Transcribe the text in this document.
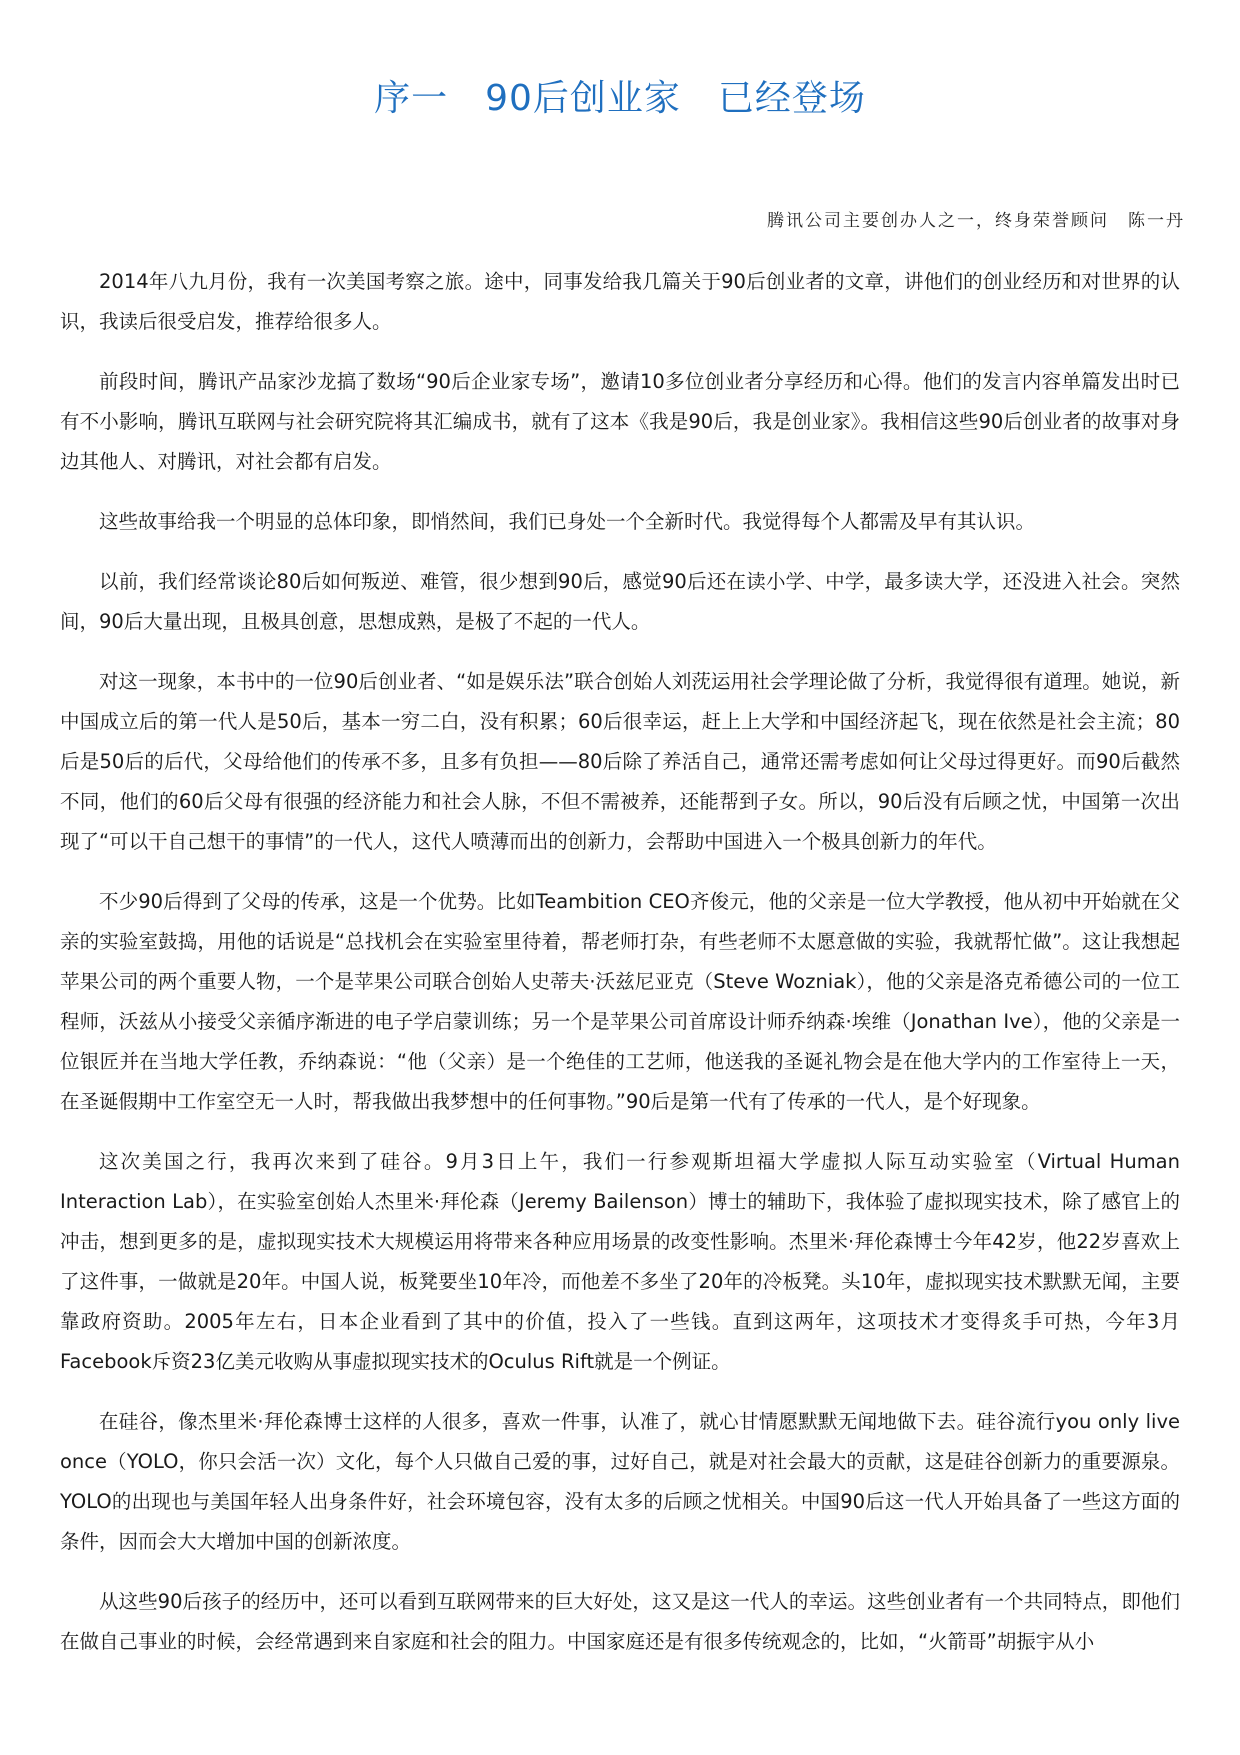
序一　90后创业家　已经登场
腾讯公司主要创办人之一，终身荣誉顾问　陈一丹

2014年八九月份，我有一次美国考察之旅。途中，同事发给我几篇关于90后创业者的文章，讲他们的创业经历和对世界的认识，我读后很受启发，推荐给很多人。

前段时间，腾讯产品家沙龙搞了数场“90后企业家专场”，邀请10多位创业者分享经历和心得。他们的发言内容单篇发出时已有不小影响，腾讯互联网与社会研究院将其汇编成书，就有了这本《我是90后，我是创业家》。我相信这些90后创业者的故事对身边其他人、对腾讯，对社会都有启发。

这些故事给我一个明显的总体印象，即悄然间，我们已身处一个全新时代。我觉得每个人都需及早有其认识。

以前，我们经常谈论80后如何叛逆、难管，很少想到90后，感觉90后还在读小学、中学，最多读大学，还没进入社会。突然间，90后大量出现，且极具创意，思想成熟，是极了不起的一代人。

对这一现象，本书中的一位90后创业者、“如是娱乐法”联合创始人刘莐运用社会学理论做了分析，我觉得很有道理。她说，新中国成立后的第一代人是50后，基本一穷二白，没有积累；60后很幸运，赶上上大学和中国经济起飞，现在依然是社会主流；80后是50后的后代，父母给他们的传承不多，且多有负担——80后除了养活自己，通常还需考虑如何让父母过得更好。而90后截然不同，他们的60后父母有很强的经济能力和社会人脉，不但不需被养，还能帮到子女。所以，90后没有后顾之忧，中国第一次出现了“可以干自己想干的事情”的一代人，这代人喷薄而出的创新力，会帮助中国进入一个极具创新力的年代。

不少90后得到了父母的传承，这是一个优势。比如Teambition CEO齐俊元，他的父亲是一位大学教授，他从初中开始就在父亲的实验室鼓捣，用他的话说是“总找机会在实验室里待着，帮老师打杂，有些老师不太愿意做的实验，我就帮忙做”。这让我想起苹果公司的两个重要人物，一个是苹果公司联合创始人史蒂夫·沃兹尼亚克（Steve Wozniak），他的父亲是洛克希德公司的一位工程师，沃兹从小接受父亲循序渐进的电子学启蒙训练；另一个是苹果公司首席设计师乔纳森·埃维（Jonathan Ive），他的父亲是一位银匠并在当地大学任教，乔纳森说：“他（父亲）是一个绝佳的工艺师，他送我的圣诞礼物会是在他大学内的工作室待上一天，在圣诞假期中工作室空无一人时，帮我做出我梦想中的任何事物。”90后是第一代有了传承的一代人，是个好现象。

这次美国之行，我再次来到了硅谷。9月3日上午，我们一行参观斯坦福大学虚拟人际互动实验室（Virtual Human Interaction Lab），在实验室创始人杰里米·拜伦森（Jeremy Bailenson）博士的辅助下，我体验了虚拟现实技术，除了感官上的冲击，想到更多的是，虚拟现实技术大规模运用将带来各种应用场景的改变性影响。杰里米·拜伦森博士今年42岁，他22岁喜欢上了这件事，一做就是20年。中国人说，板凳要坐10年冷，而他差不多坐了20年的冷板凳。头10年，虚拟现实技术默默无闻，主要靠政府资助。2005年左右，日本企业看到了其中的价值，投入了一些钱。直到这两年，这项技术才变得炙手可热，今年3月Facebook斥资23亿美元收购从事虚拟现实技术的Oculus Rift就是一个例证。

在硅谷，像杰里米·拜伦森博士这样的人很多，喜欢一件事，认准了，就心甘情愿默默无闻地做下去。硅谷流行you only live once（YOLO，你只会活一次）文化，每个人只做自己爱的事，过好自己，就是对社会最大的贡献，这是硅谷创新力的重要源泉。YOLO的出现也与美国年轻人出身条件好，社会环境包容，没有太多的后顾之忧相关。中国90后这一代人开始具备了一些这方面的条件，因而会大大增加中国的创新浓度。

从这些90后孩子的经历中，还可以看到互联网带来的巨大好处，这又是这一代人的幸运。这些创业者有一个共同特点，即他们在做自己事业的时候，会经常遇到来自家庭和社会的阻力。中国家庭还是有很多传统观念的，比如，“火箭哥”胡振宇从小
